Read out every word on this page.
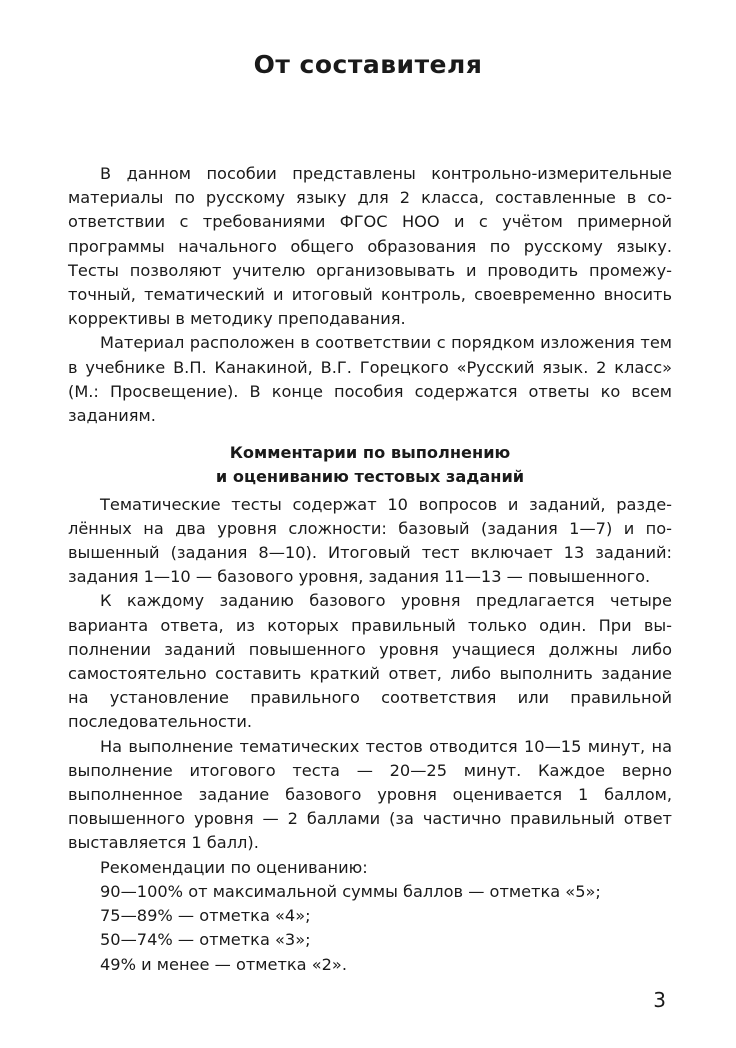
От составителя

В данном пособии представлены контрольно-измерительные материалы по русскому языку для 2 класса, составленные в соответствии с требованиями ФГОС НОО и с учётом примерной программы начального общего образования по русскому языку. Тесты позволяют учителю организовывать и проводить промежуточный, тематический и итоговый контроль, своевременно вносить коррективы в методику преподавания.

Материал расположен в соответствии с порядком изложения тем в учебнике В.П. Канакиной, В.Г. Горецкого «Русский язык. 2 класс» (М.: Просвещение). В конце пособия содержатся ответы ко всем заданиям.

Комментарии по выполнению
и оцениванию тестовых заданий

Тематические тесты содержат 10 вопросов и заданий, разделённых на два уровня сложности: базовый (задания 1—7) и повышенный (задания 8—10). Итоговый тест включает 13 заданий: задания 1—10 — базового уровня, задания 11—13 — повышенного.

К каждому заданию базового уровня предлагается четыре варианта ответа, из которых правильный только один. При выполнении заданий повышенного уровня учащиеся должны либо самостоятельно составить краткий ответ, либо выполнить задание на установление правильного соответствия или правильной последовательности.

На выполнение тематических тестов отводится 10—15 минут, на выполнение итогового теста — 20—25 минут. Каждое верно выполненное задание базового уровня оценивается 1 баллом, повышенного уровня — 2 баллами (за частично правильный ответ выставляется 1 балл).

Рекомендации по оцениванию:
90—100% от максимальной суммы баллов — отметка «5»;
75—89% — отметка «4»;
50—74% — отметка «3»;
49% и менее — отметка «2».
3
